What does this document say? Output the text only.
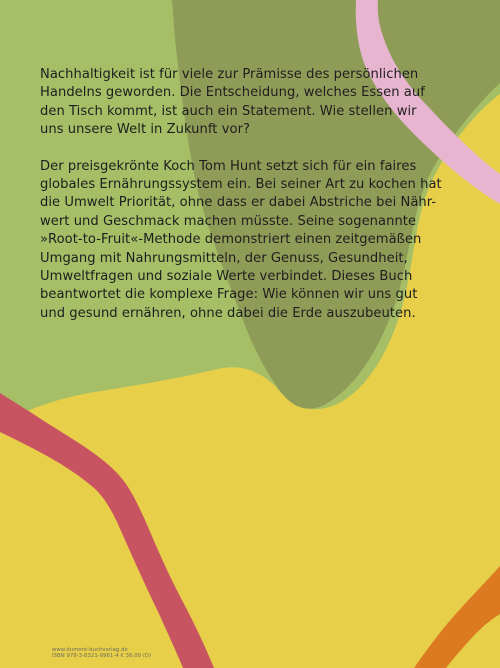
Nachhaltigkeit ist für viele zur Prämisse des persönlichen
Handelns geworden. Die Entscheidung, welches Essen auf
den Tisch kommt, ist auch ein Statement. Wie stellen wir
uns unsere Welt in Zukunft vor?

Der preisgekrönte Koch Tom Hunt setzt sich für ein faires
globales Ernährungssystem ein. Bei seiner Art zu kochen hat
die Umwelt Priorität, ohne dass er dabei Abstriche bei Nähr-
wert und Geschmack machen müsste. Seine sogenannte
»Root-to-Fruit«-Methode demonstriert einen zeitgemäßen
Umgang mit Nahrungsmitteln, der Genuss, Gesundheit,
Umweltfragen und soziale Werte verbindet. Dieses Buch
beantwortet die komplexe Frage: Wie können wir uns gut
und gesund ernähren, ohne dabei die Erde auszubeuten.

www.dumont-buchverlag.de
ISBN 978-3-8321-9961-4 € 36,00 (D)
